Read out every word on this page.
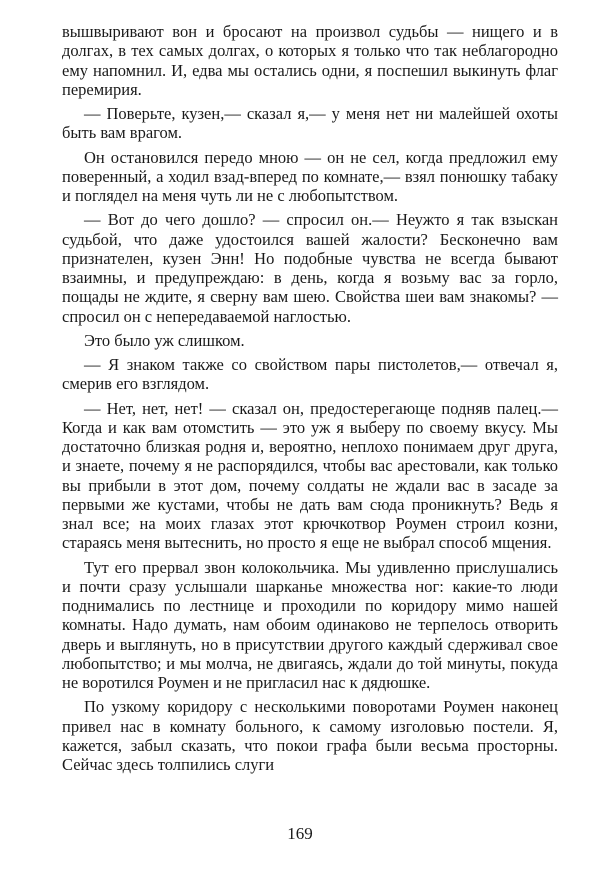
вышвыривают вон и бросают на произвол судьбы — нищего и в долгах, в тех самых долгах, о которых я только что так неблагородно ему напомнил. И, едва мы остались одни, я поспешил выкинуть флаг перемирия.

— Поверьте, кузен,— сказал я,— у меня нет ни малейшей охоты быть вам врагом.

Он остановился передо мною — он не сел, когда предложил ему поверенный, а ходил взад-вперед по комнате,— взял понюшку табаку и поглядел на меня чуть ли не с любопытством.

— Вот до чего дошло? — спросил он.— Неужто я так взыскан судьбой, что даже удостоился вашей жалости? Бесконечно вам признателен, кузен Энн! Но подобные чувства не всегда бывают взаимны, и предупреждаю: в день, когда я возьму вас за горло, пощады не ждите, я сверну вам шею. Свойства шеи вам знакомы? — спросил он с непередаваемой наглостью.

Это было уж слишком.

— Я знаком также со свойством пары пистолетов,— отвечал я, смерив его взглядом.

— Нет, нет, нет! — сказал он, предостерегающе подняв палец.— Когда и как вам отомстить — это уж я выберу по своему вкусу. Мы достаточно близкая родня и, вероятно, неплохо понимаем друг друга, и знаете, почему я не распорядился, чтобы вас арестовали, как только вы прибыли в этот дом, почему солдаты не ждали вас в засаде за первыми же кустами, чтобы не дать вам сюда проникнуть? Ведь я знал все; на моих глазах этот крючкотвор Роумен строил козни, стараясь меня вытеснить, но просто я еще не выбрал способ мщения.

Тут его прервал звон колокольчика. Мы удивленно прислушались и почти сразу услышали шарканье множества ног: какие-то люди поднимались по лестнице и проходили по коридору мимо нашей комнаты. Надо думать, нам обоим одинаково не терпелось отворить дверь и выглянуть, но в присутствии другого каждый сдерживал свое любопытство; и мы молча, не двигаясь, ждали до той минуты, покуда не воротился Роумен и не пригласил нас к дядюшке.

По узкому коридору с несколькими поворотами Роумен наконец привел нас в комнату больного, к самому изголовью постели. Я, кажется, забыл сказать, что покои графа были весьма просторны. Сейчас здесь толпились слуги

169
